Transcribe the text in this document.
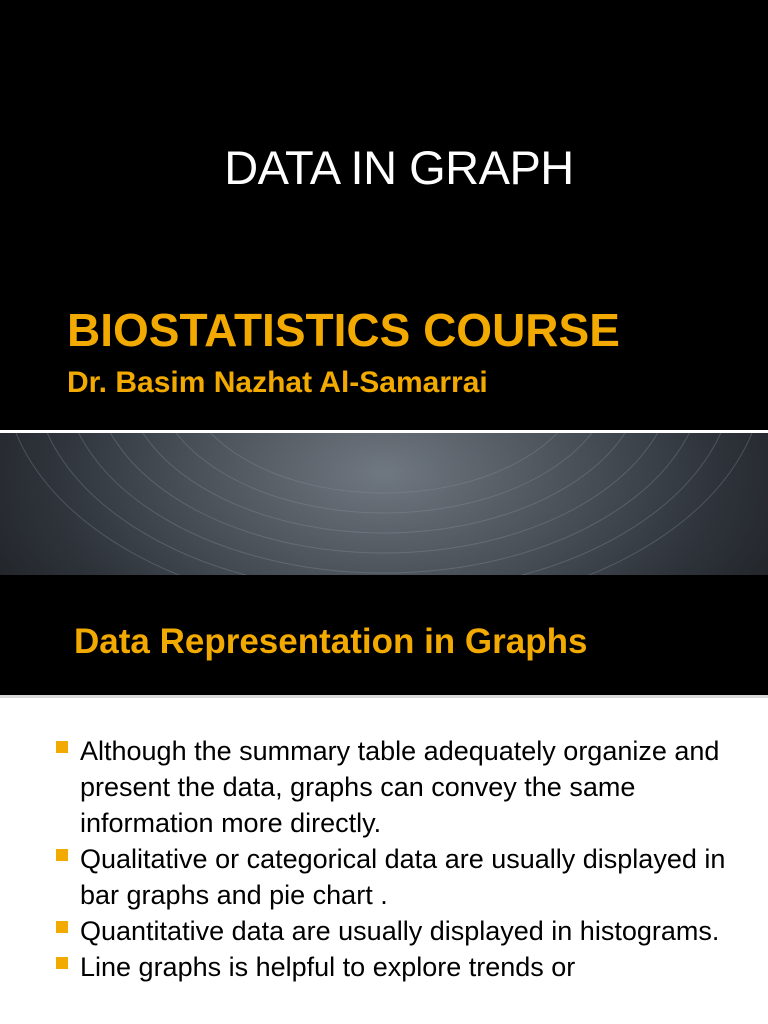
DATA IN GRAPH
BIOSTATISTICS COURSE
Dr. Basim Nazhat Al-Samarrai
Data Representation in Graphs
Although the summary table adequately organize and present the data, graphs can convey the same information more directly.
Qualitative or categorical data are usually displayed in bar graphs and pie chart .
Quantitative data are usually displayed in histograms.
Line graphs is helpful to explore trends or
